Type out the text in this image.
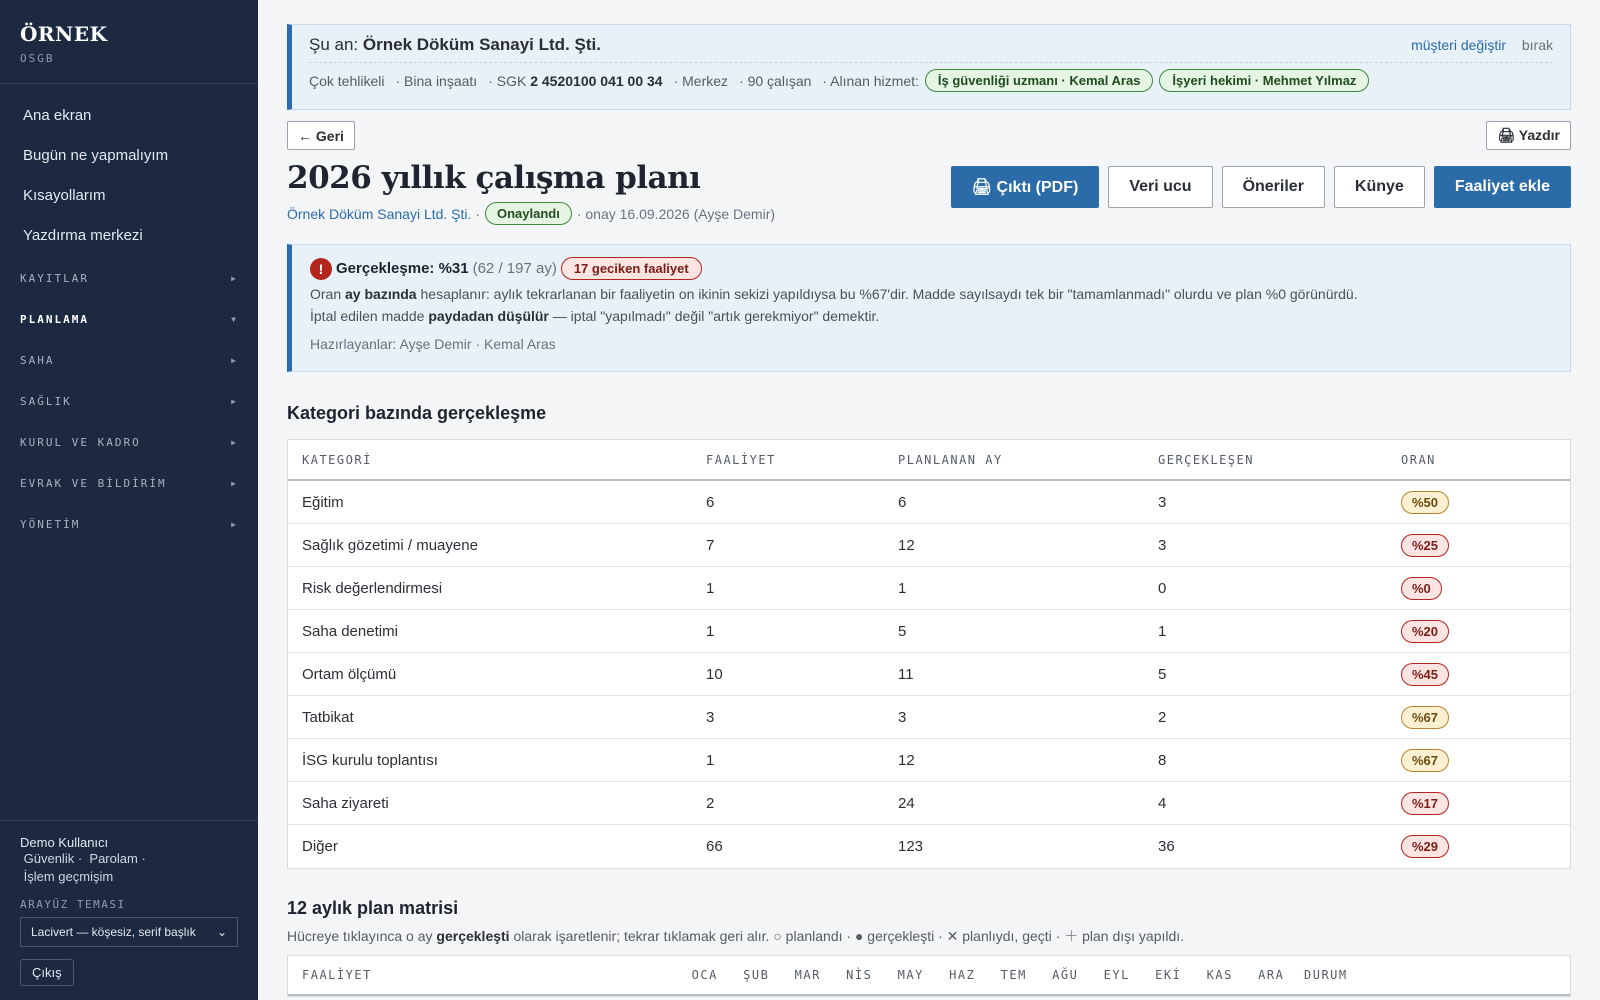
ÖRNEK
OSGB
Ana ekran
Bugün ne yapmalıyım
Kısayollarım
Yazdırma merkezi
KAYITLAR	▶
PLANLAMA	▼
SAHA	▶
SAĞLIK	▶
KURUL VE KADRO	▶
EVRAK VE BİLDİRİM	▶
YÖNETİM	▶
Demo Kullanıcı
Güvenlik · Parolam ·
İşlem geçmişim
ARAYÜZ TEMASI
Lacivert — köşesiz, serif başlık ⌄
Çıkış
Şu an: Örnek Döküm Sanayi Ltd. Şti.	müşteri değiştir bırak
Çok tehlikeli · Bina inşaatı · SGK 2 4520100 041 00 34 · Merkez · 90 çalışan · Alınan hizmet:	İş güvenliği uzmanı · Kemal Aras	İşyeri hekimi · Mehmet Yılmaz
← Geri	🖨 Yazdır
2026 yıllık çalışma planı
Örnek Döküm Sanayi Ltd. Şti.
·	Onaylandı	· onay 16.09.2026 (Ayşe Demir)
🖨 Çıktı (PDF)	Veri ucu	Öneriler	Künye	Faaliyet ekle
! Gerçekleşme: %31 (62 / 197 ay)	17 geciken faaliyet
Oran ay bazında hesaplanır: aylık tekrarlanan bir faaliyetin on ikinin sekizi yapıldıysa bu %67'dir. Madde sayılsaydı tek bir "tamamlanmadı" olurdu ve plan %0 görünürdü.
İptal edilen madde paydadan düşülür — iptal "yapılmadı" değil "artık gerekmiyor" demektir.
Hazırlayanlar: Ayşe Demir · Kemal Aras
Kategori bazında gerçekleşme
KATEGORİ	FAALİYET	PLANLANAN AY	GERÇEKLEŞEN	ORAN
Eğitim	6	6	3	%50
Sağlık gözetimi / muayene	7	12	3	%25
Risk değerlendirmesi	1	1	0	%0
Saha denetimi	1	5	1	%20
Ortam ölçümü	10	11	5	%45
Tatbikat	3	3	2	%67
İSG kurulu toplantısı	1	12	8	%67
Saha ziyareti	2	24	4	%17
Diğer	66	123	36	%29
12 aylık plan matrisi
Hücreye tıklayınca o ay gerçekleşti olarak işaretlenir; tekrar tıklamak geri alır. ○ planlandı · ● gerçekleşti · ✕ planlıydı, geçti · ＋ plan dışı yapıldı.
FAALİYET	OCA	ŞUB	MAR	NİS	MAY	HAZ	TEM	AĞU	EYL	EKİ	KAS	ARA	DURUM
